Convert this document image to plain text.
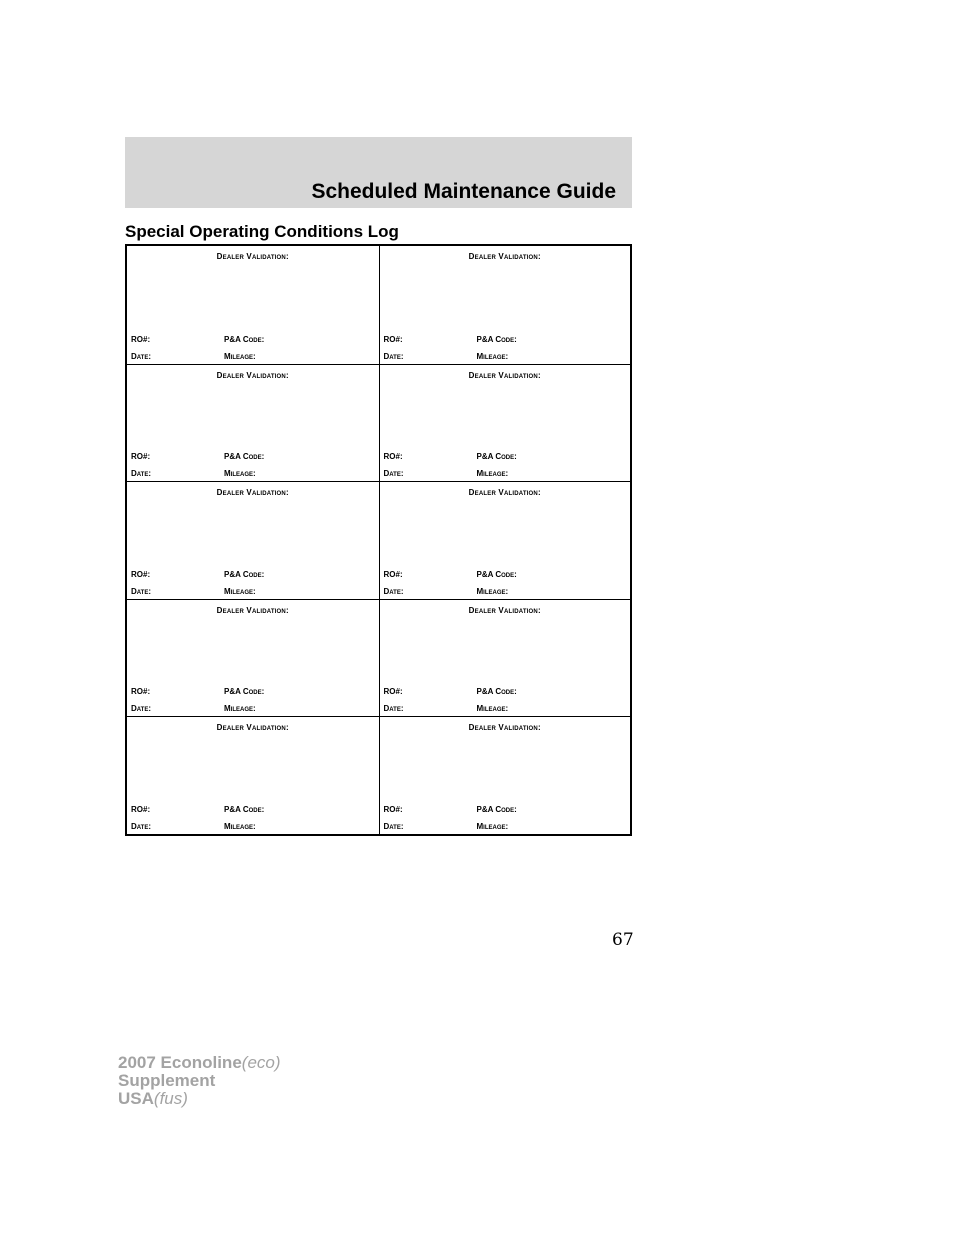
Scheduled Maintenance Guide
Special Operating Conditions Log
Dealer Validation:
RO#:	P&A Code:
Date:	Mileage:
Dealer Validation:
RO#:	P&A Code:
Date:	Mileage:
Dealer Validation:
RO#:	P&A Code:
Date:	Mileage:
Dealer Validation:
RO#:	P&A Code:
Date:	Mileage:
Dealer Validation:
RO#:	P&A Code:
Date:	Mileage:
Dealer Validation:
RO#:	P&A Code:
Date:	Mileage:
Dealer Validation:
RO#:	P&A Code:
Date:	Mileage:
Dealer Validation:
RO#:	P&A Code:
Date:	Mileage:
Dealer Validation:
RO#:	P&A Code:
Date:	Mileage:
Dealer Validation:
RO#:	P&A Code:
Date:	Mileage:
67
2007 Econoline(eco)
Supplement
USA(fus)
